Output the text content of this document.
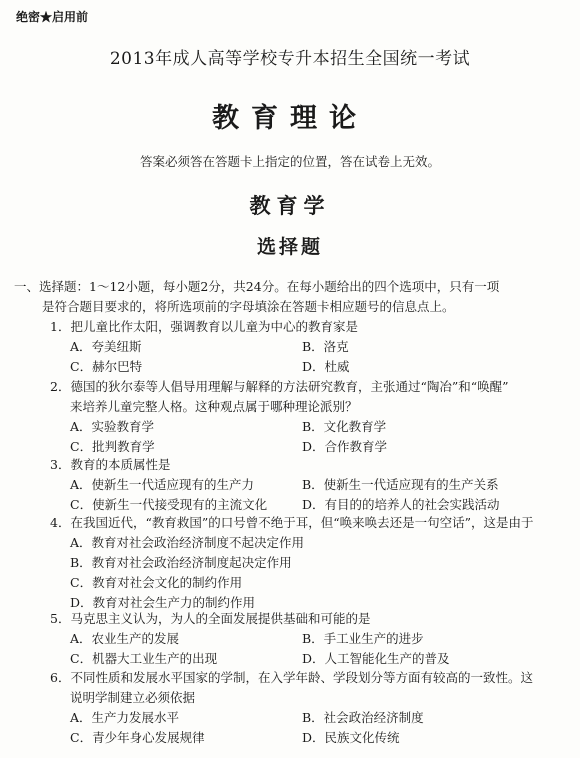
绝密★启用前
2013年成人高等学校专升本招生全国统一考试
教育理论
答案必须答在答题卡上指定的位置，答在试卷上无效。
教育学
选择题
一、选择题：1～12小题，每小题2分，共24分。在每小题给出的四个选项中，只有一项
是符合题目要求的，将所选项前的字母填涂在答题卡相应题号的信息点上。
1．把儿童比作太阳，强调教育以儿童为中心的教育家是
A．夸美纽斯	B．洛克
C．赫尔巴特	D．杜威
2．德国的狄尔泰等人倡导用理解与解释的方法研究教育，主张通过“陶冶”和“唤醒”
来培养儿童完整人格。这种观点属于哪种理论派别？
A．实验教育学	B．文化教育学
C．批判教育学	D．合作教育学
3．教育的本质属性是
A．使新生一代适应现有的生产力	B．使新生一代适应现有的生产关系
C．使新生一代接受现有的主流文化	D．有目的的培养人的社会实践活动
4．在我国近代，“教育救国”的口号曾不绝于耳，但“唤来唤去还是一句空话”，这是由于
A．教育对社会政治经济制度不起决定作用
B．教育对社会政治经济制度起决定作用
C．教育对社会文化的制约作用
D．教育对社会生产力的制约作用
5．马克思主义认为，为人的全面发展提供基础和可能的是
A．农业生产的发展	B．手工业生产的进步
C．机器大工业生产的出现	D．人工智能化生产的普及
6．不同性质和发展水平国家的学制，在入学年龄、学段划分等方面有较高的一致性。这
说明学制建立必须依据
A．生产力发展水平	B．社会政治经济制度
C．青少年身心发展规律	D．民族文化传统
